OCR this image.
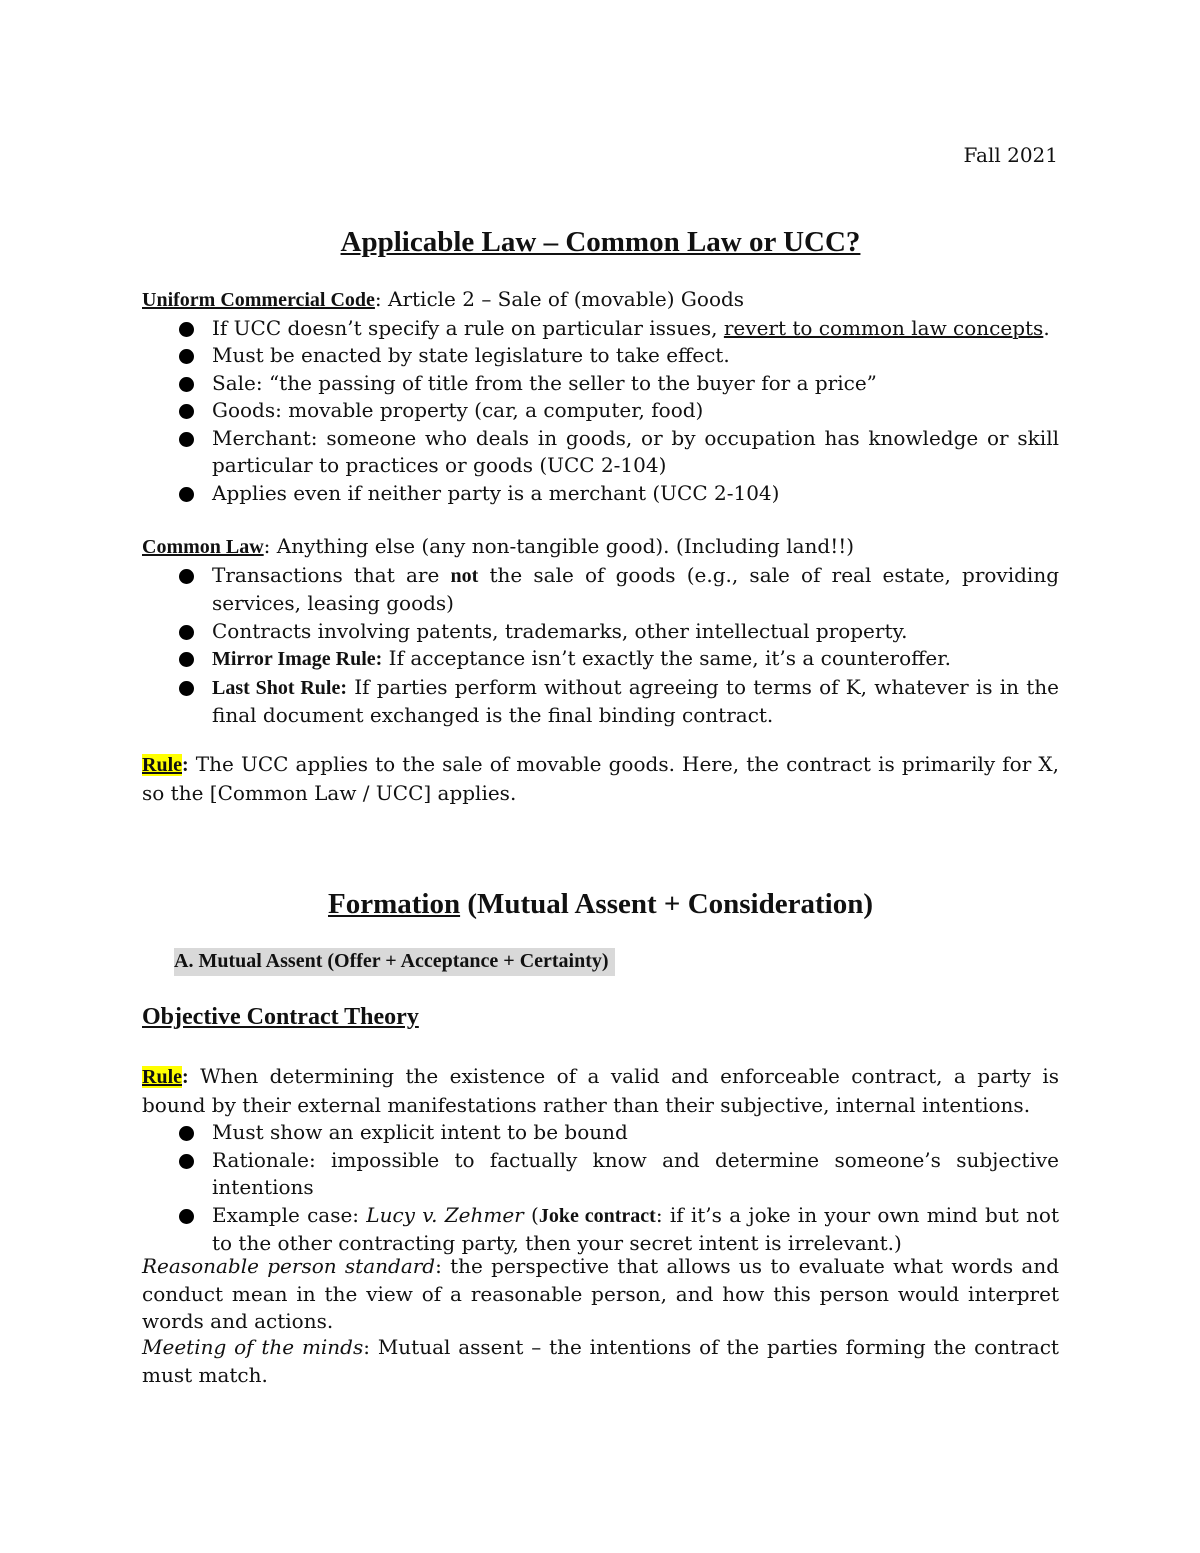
Fall 2021
Applicable Law – Common Law or UCC?
Uniform Commercial Code: Article 2 – Sale of (movable) Goods
If UCC doesn’t specify a rule on particular issues, revert to common law concepts.
Must be enacted by state legislature to take effect.
Sale: “the passing of title from the seller to the buyer for a price”
Goods: movable property (car, a computer, food)
Merchant: someone who deals in goods, or by occupation has knowledge or skill particular to practices or goods (UCC 2-104)
Applies even if neither party is a merchant (UCC 2-104)
Common Law: Anything else (any non-tangible good). (Including land!!)
Transactions that are not the sale of goods (e.g., sale of real estate, providing services, leasing goods)
Contracts involving patents, trademarks, other intellectual property.
Mirror Image Rule: If acceptance isn’t exactly the same, it’s a counteroffer.
Last Shot Rule: If parties perform without agreeing to terms of K, whatever is in the final document exchanged is the final binding contract.
Rule: The UCC applies to the sale of movable goods. Here, the contract is primarily for X, so the [Common Law / UCC] applies.
Formation (Mutual Assent + Consideration)
A. Mutual Assent (Offer + Acceptance + Certainty)
Objective Contract Theory
Rule: When determining the existence of a valid and enforceable contract, a party is bound by their external manifestations rather than their subjective, internal intentions.
Must show an explicit intent to be bound
Rationale: impossible to factually know and determine someone’s subjective intentions
Example case: Lucy v. Zehmer (Joke contract: if it’s a joke in your own mind but not to the other contracting party, then your secret intent is irrelevant.)
Reasonable person standard: the perspective that allows us to evaluate what words and conduct mean in the view of a reasonable person, and how this person would interpret words and actions.
Meeting of the minds: Mutual assent – the intentions of the parties forming the contract must match.
